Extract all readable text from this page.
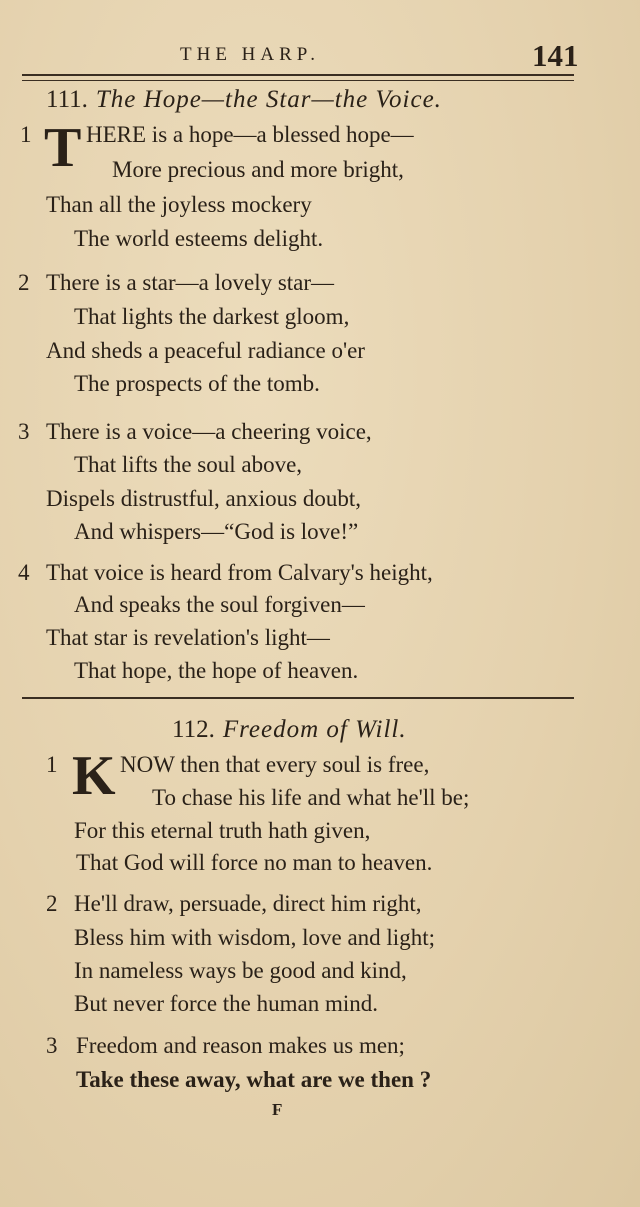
THE HARP.	141
111. The Hope—the Star—the Voice.
1 T HERE is a hope—a blessed hope—
More precious and more bright,
Than all the joyless mockery
The world esteems delight.
2 There is a star—a lovely star—
That lights the darkest gloom,
And sheds a peaceful radiance o'er
The prospects of the tomb.
3 There is a voice—a cheering voice,
That lifts the soul above,
Dispels distrustful, anxious doubt,
And whispers—“God is love!”
4 That voice is heard from Calvary's height,
And speaks the soul forgiven—
That star is revelation's light—
That hope, the hope of heaven.
112. Freedom of Will.
1 K NOW then that every soul is free,
To chase his life and what he'll be;
For this eternal truth hath given,
That God will force no man to heaven.
2 He'll draw, persuade, direct him right,
Bless him with wisdom, love and light;
In nameless ways be good and kind,
But never force the human mind.
3 Freedom and reason makes us men;
Take these away, what are we then ?
F
